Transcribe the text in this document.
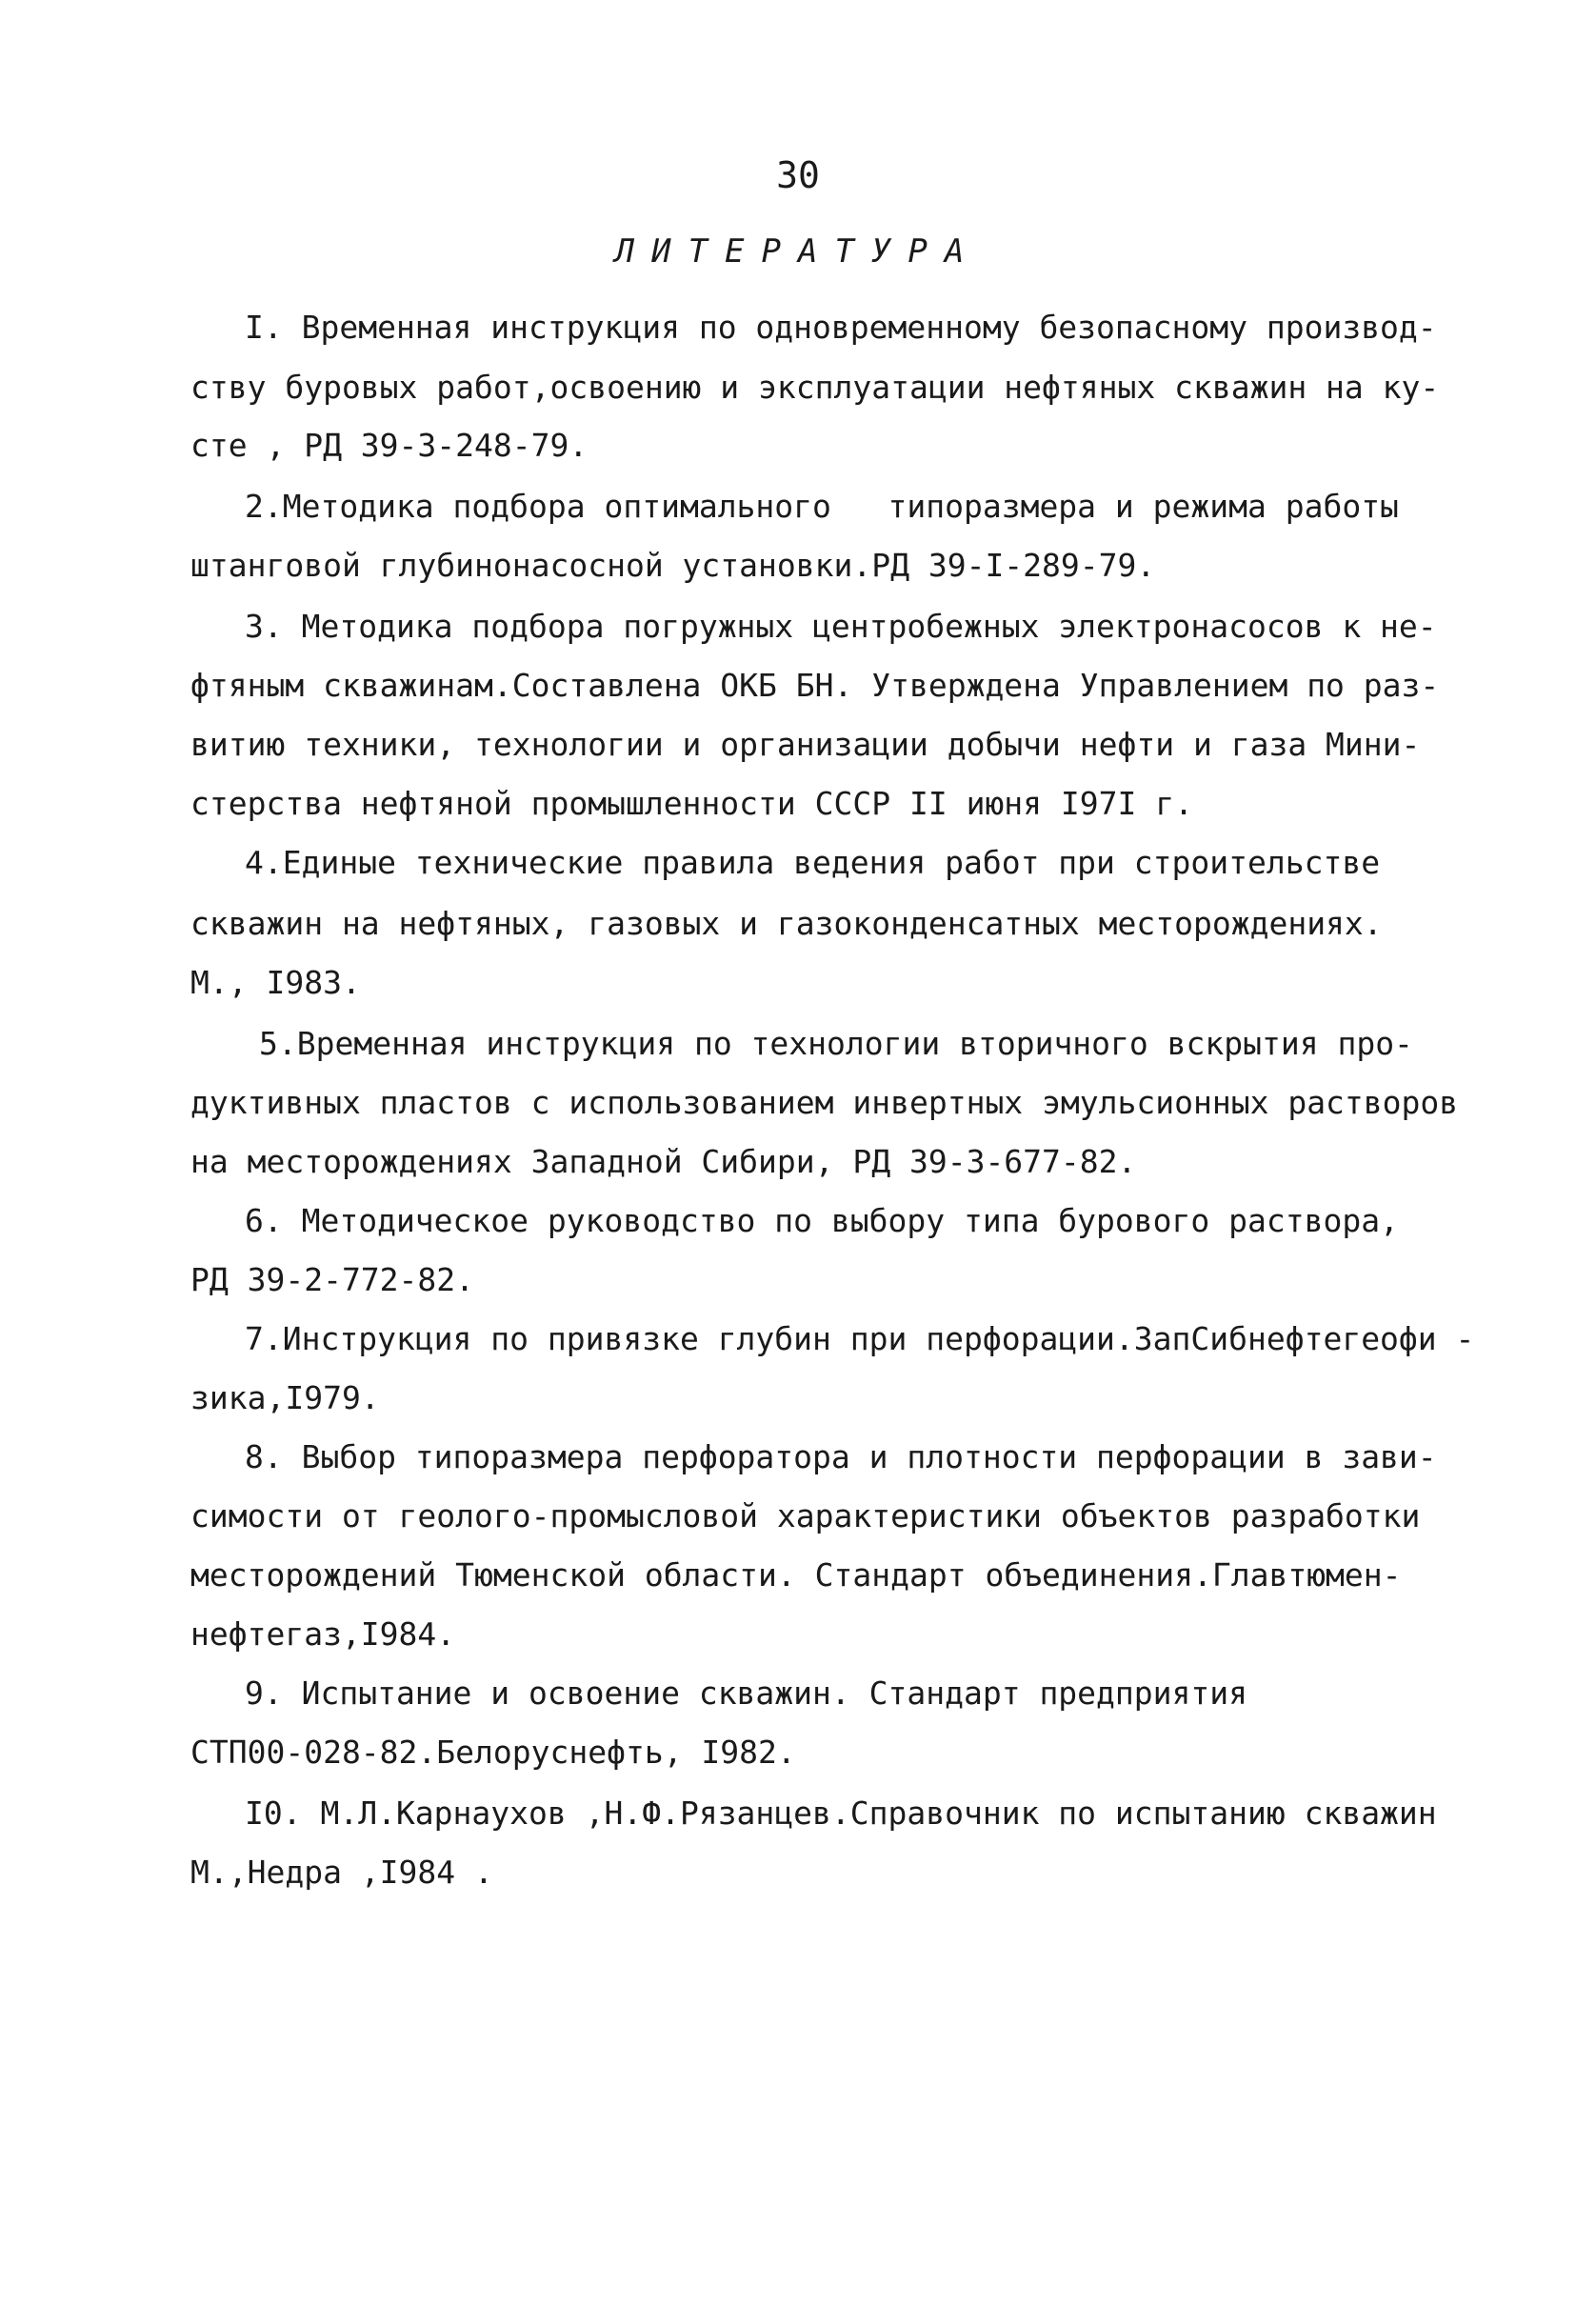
30
ЛИТЕРАТУРА
I. Временная инструкция по одновременному безопасному производ-
ству буровых работ,освоению и эксплуатации нефтяных скважин на ку-
сте , РД 39-3-248-79.
2.Методика подбора оптимального   типоразмера и режима работы
штанговой глубинонасосной установки.РД 39-I-289-79.
3. Методика подбора погружных центробежных электронасосов к не-
фтяным скважинам.Составлена ОКБ БН. Утверждена Управлением по раз-
витию техники, технологии и организации добычи нефти и газа Мини-
стерства нефтяной промышленности СССР II июня I97I г.
4.Единые технические правила ведения работ при строительстве
скважин на нефтяных, газовых и газоконденсатных месторождениях.
М., I983.
5.Временная инструкция по технологии вторичного вскрытия про-
дуктивных пластов с использованием инвертных эмульсионных растворов
на месторождениях Западной Сибири, РД 39-3-677-82.
6. Методическое руководство по выбору типа бурового раствора,
РД 39-2-772-82.
7.Инструкция по привязке глубин при перфорации.ЗапСибнефтегеофи -
зика,I979.
8. Выбор типоразмера перфоратора и плотности перфорации в зави-
симости от геолого-промысловой характеристики объектов разработки
месторождений Тюменской области. Стандарт объединения.Главтюмен-
нефтегаз,I984.
9. Испытание и освоение скважин. Стандарт предприятия
СТП00-028-82.Белоруснефть, I982.
I0. М.Л.Карнаухов ,Н.Ф.Рязанцев.Справочник по испытанию скважин
М.,Недра ,I984 .
